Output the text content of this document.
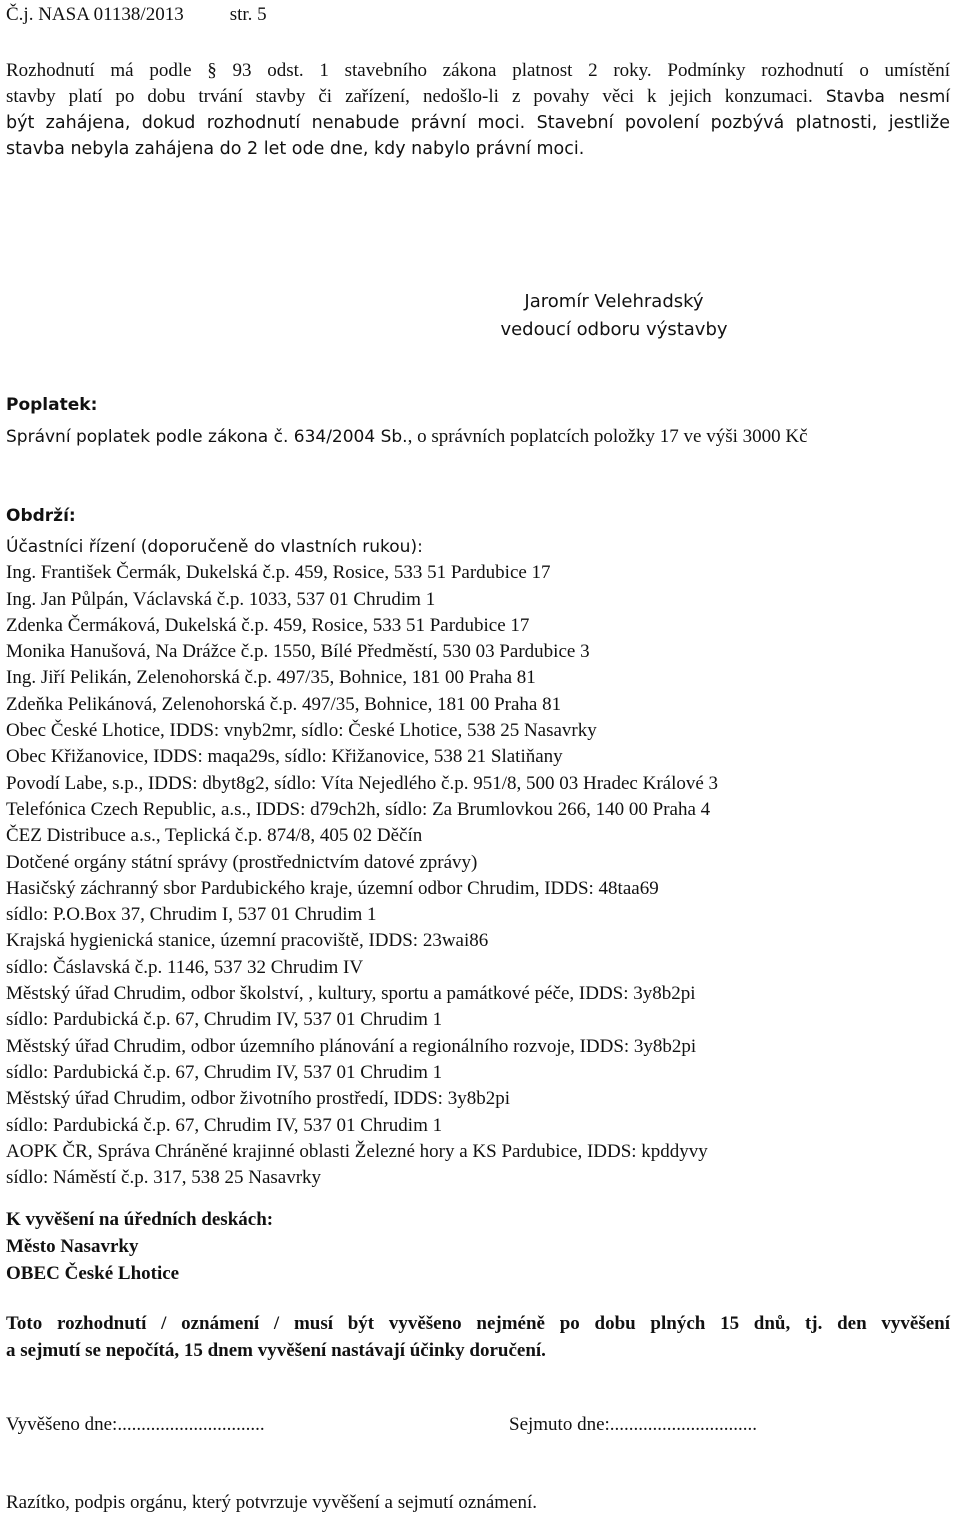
Č.j. NASA 01138/2013 str. 5
Rozhodnutí má podle § 93 odst. 1 stavebního zákona platnost 2 roky. Podmínky rozhodnutí o umístění
stavby platí po dobu trvání stavby či zařízení, nedošlo-li z povahy věci k jejich konzumaci. Stavba nesmí
být zahájena, dokud rozhodnutí nenabude právní moci. Stavební povolení pozbývá platnosti, jestliže
stavba nebyla zahájena do 2 let ode dne, kdy nabylo právní moci.
Jaromír Velehradský
vedoucí odboru výstavby
Poplatek:
Správní poplatek podle zákona č. 634/2004 Sb., o správních poplatcích položky 17 ve výši 3000 Kč
Obdrží:
Účastníci řízení (doporučeně do vlastních rukou):
Ing. František Čermák, Dukelská č.p. 459, Rosice, 533 51 Pardubice 17
Ing. Jan Půlpán, Václavská č.p. 1033, 537 01 Chrudim 1
Zdenka Čermáková, Dukelská č.p. 459, Rosice, 533 51 Pardubice 17
Monika Hanušová, Na Drážce č.p. 1550, Bílé Předměstí, 530 03 Pardubice 3
Ing. Jiří Pelikán, Zelenohorská č.p. 497/35, Bohnice, 181 00 Praha 81
Zdeňka Pelikánová, Zelenohorská č.p. 497/35, Bohnice, 181 00 Praha 81
Obec České Lhotice, IDDS: vnyb2mr, sídlo: České Lhotice, 538 25 Nasavrky
Obec Křižanovice, IDDS: maqa29s, sídlo: Křižanovice, 538 21 Slatiňany
Povodí Labe, s.p., IDDS: dbyt8g2, sídlo: Víta Nejedlého č.p. 951/8, 500 03 Hradec Králové 3
Telefónica Czech Republic, a.s., IDDS: d79ch2h, sídlo: Za Brumlovkou 266, 140 00 Praha 4
ČEZ Distribuce a.s., Teplická č.p. 874/8, 405 02 Děčín
Dotčené orgány státní správy (prostřednictvím datové zprávy)
Hasičský záchranný sbor Pardubického kraje, územní odbor Chrudim, IDDS: 48taa69
sídlo: P.O.Box 37, Chrudim I, 537 01 Chrudim 1
Krajská hygienická stanice, územní pracoviště, IDDS: 23wai86
sídlo: Čáslavská č.p. 1146, 537 32 Chrudim IV
Městský úřad Chrudim, odbor školství, , kultury, sportu a památkové péče, IDDS: 3y8b2pi
sídlo: Pardubická č.p. 67, Chrudim IV, 537 01 Chrudim 1
Městský úřad Chrudim, odbor územního plánování a regionálního rozvoje, IDDS: 3y8b2pi
sídlo: Pardubická č.p. 67, Chrudim IV, 537 01 Chrudim 1
Městský úřad Chrudim, odbor životního prostředí, IDDS: 3y8b2pi
sídlo: Pardubická č.p. 67, Chrudim IV, 537 01 Chrudim 1
AOPK ČR, Správa Chráněné krajinné oblasti Železné hory a KS Pardubice, IDDS: kpddyvy
sídlo: Náměstí č.p. 317, 538 25 Nasavrky
K vyvěšení na úředních deskách:
Město Nasavrky
OBEC České Lhotice
Toto rozhodnutí / oznámení / musí být vyvěšeno nejméně po dobu plných 15 dnů, tj. den vyvěšení
a sejmutí se nepočítá, 15 dnem vyvěšení nastávají účinky doručení.
Vyvěšeno dne:...............................	Sejmuto dne:...............................
Razítko, podpis orgánu, který potvrzuje vyvěšení a sejmutí oznámení.
